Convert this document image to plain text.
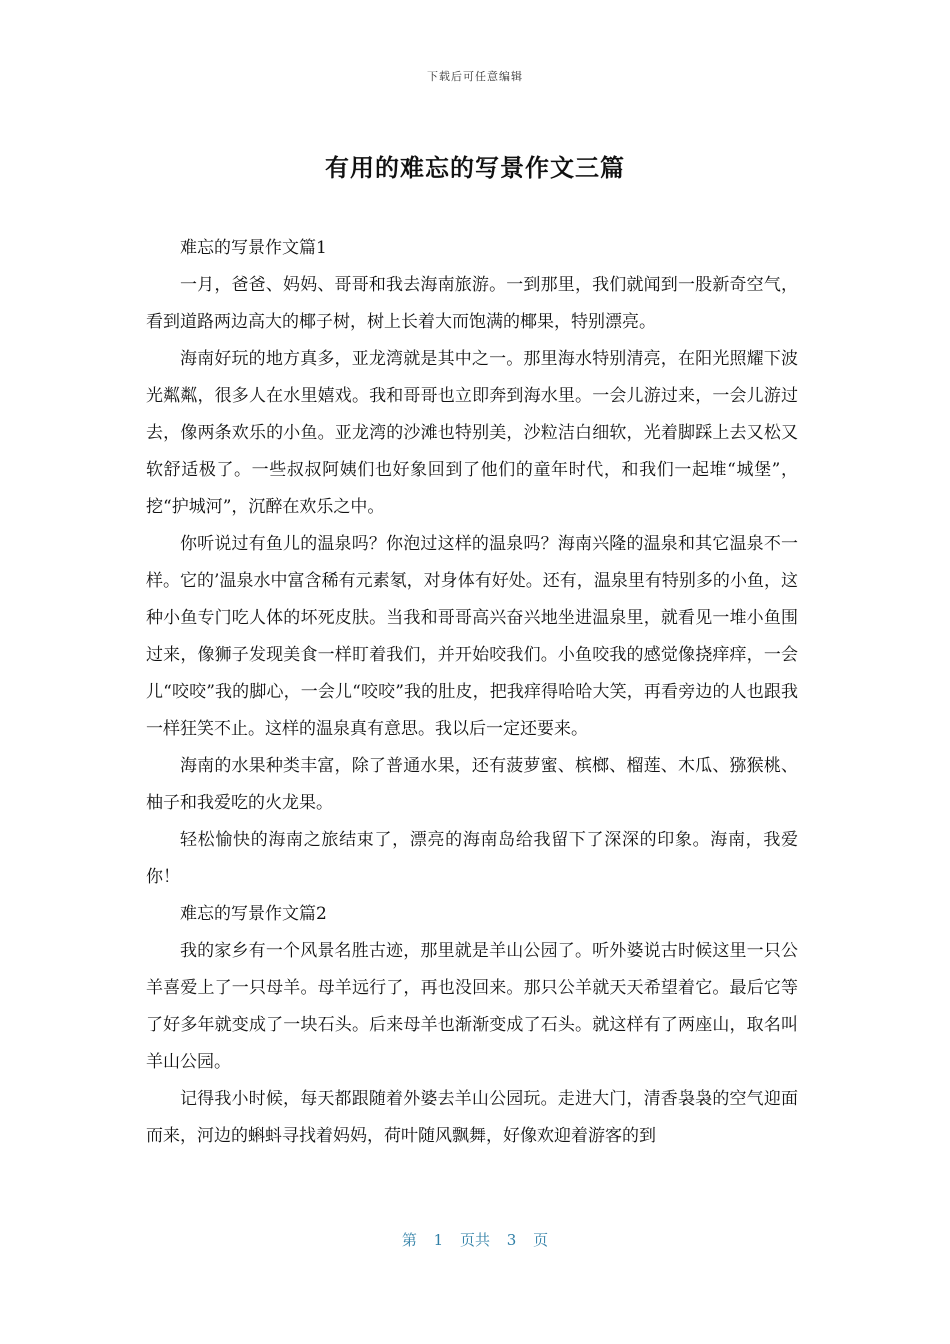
下载后可任意编辑
有用的难忘的写景作文三篇

难忘的写景作文篇1

一月，爸爸、妈妈、哥哥和我去海南旅游。一到那里，我们就闻到一股新奇空气，看到道路两边高大的椰子树，树上长着大而饱满的椰果，特别漂亮。

海南好玩的地方真多，亚龙湾就是其中之一。那里海水特别清亮，在阳光照耀下波光粼粼，很多人在水里嬉戏。我和哥哥也立即奔到海水里。一会儿游过来，一会儿游过去，像两条欢乐的小鱼。亚龙湾的沙滩也特别美，沙粒洁白细软，光着脚踩上去又松又软舒适极了。一些叔叔阿姨们也好象回到了他们的童年时代，和我们一起堆“城堡”，挖“护城河”，沉醉在欢乐之中。

你听说过有鱼儿的温泉吗？你泡过这样的温泉吗？海南兴隆的温泉和其它温泉不一样。它的’温泉水中富含稀有元素氡，对身体有好处。还有，温泉里有特别多的小鱼，这种小鱼专门吃人体的坏死皮肤。当我和哥哥高兴奋兴地坐进温泉里，就看见一堆小鱼围过来，像狮子发现美食一样盯着我们，并开始咬我们。小鱼咬我的感觉像挠痒痒，一会儿“咬咬”我的脚心，一会儿“咬咬”我的肚皮，把我痒得哈哈大笑，再看旁边的人也跟我一样狂笑不止。这样的温泉真有意思。我以后一定还要来。

海南的水果种类丰富，除了普通水果，还有菠萝蜜、槟榔、榴莲、木瓜、猕猴桃、柚子和我爱吃的火龙果。

轻松愉快的海南之旅结束了，漂亮的海南岛给我留下了深深的印象。海南，我爱你！

难忘的写景作文篇2

我的家乡有一个风景名胜古迹，那里就是羊山公园了。听外婆说古时候这里一只公羊喜爱上了一只母羊。母羊远行了，再也没回来。那只公羊就天天希望着它。最后它等了好多年就变成了一块石头。后来母羊也渐渐变成了石头。就这样有了两座山，取名叫羊山公园。

记得我小时候，每天都跟随着外婆去羊山公园玩。走进大门，清香袅袅的空气迎面而来，河边的蝌蚪寻找着妈妈，荷叶随风飘舞，好像欢迎着游客的到

第 1 页共 3 页
